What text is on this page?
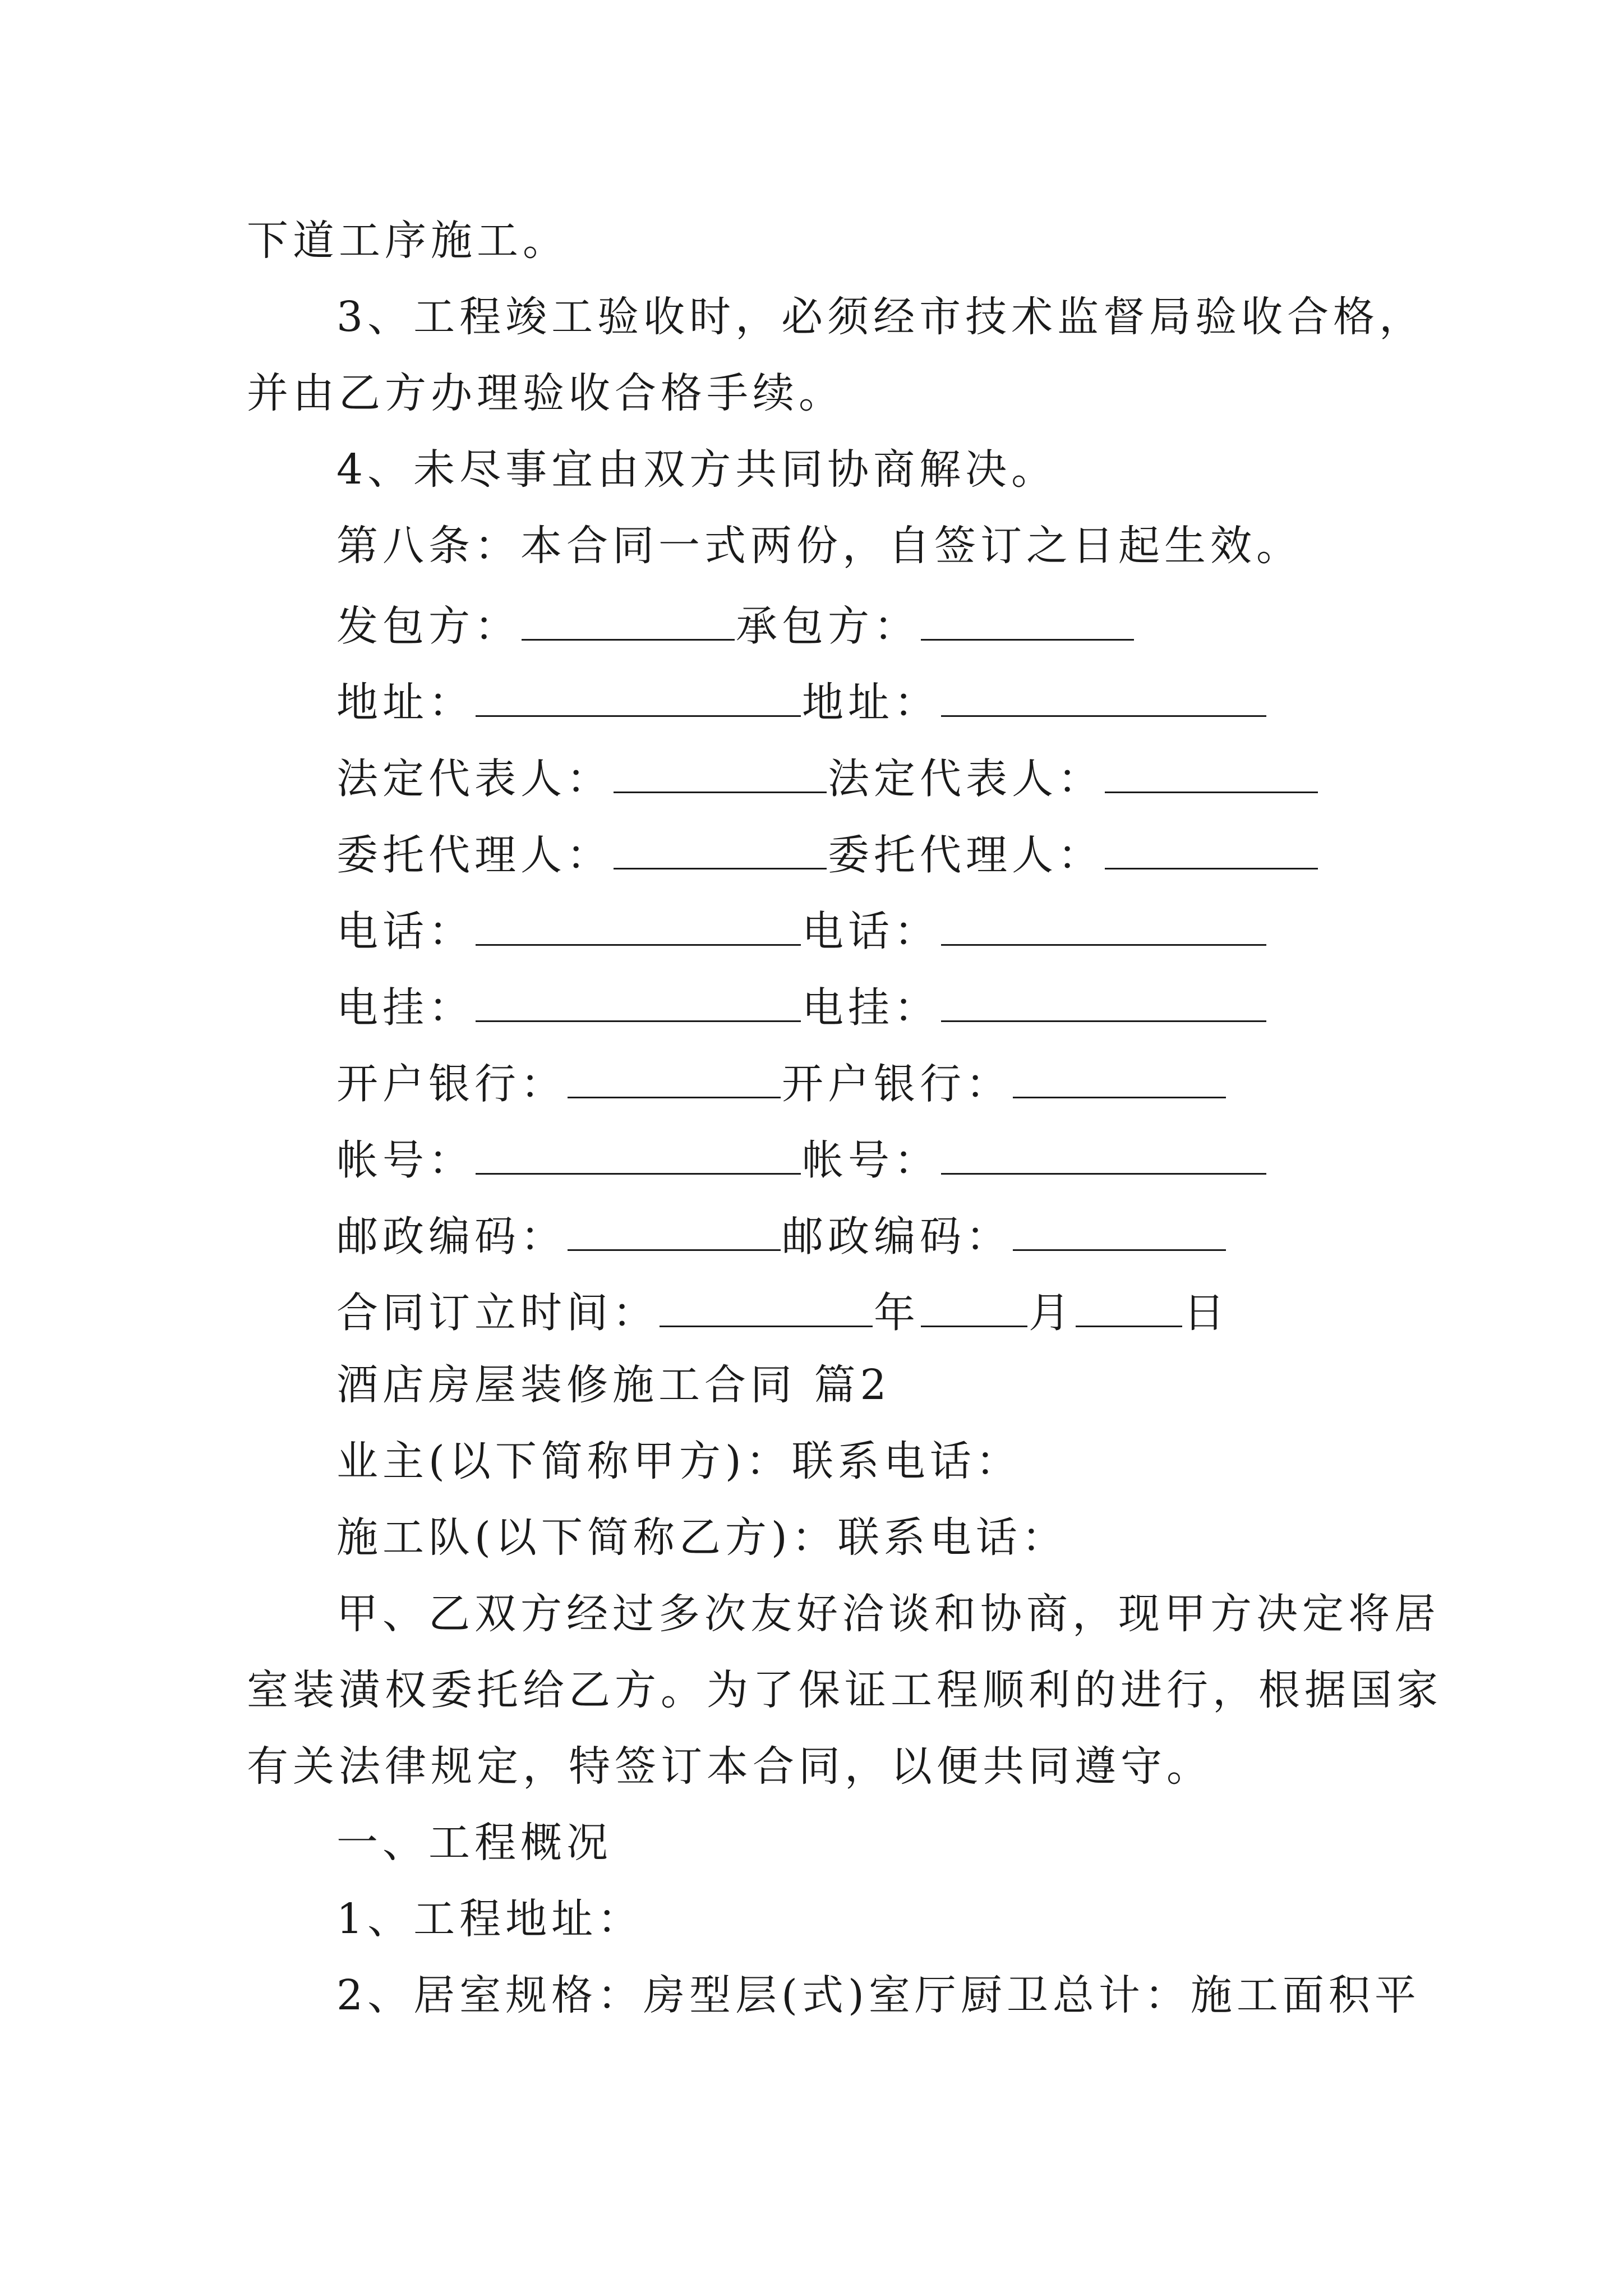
下道工序施工。
3、工程竣工验收时，必须经市技术监督局验收合格，
并由乙方办理验收合格手续。
4、未尽事宜由双方共同协商解决。
第八条：本合同一式两份，自签订之日起生效。
发包方：	承包方：
地址：	地址：
法定代表人：	法定代表人：
委托代理人：	委托代理人：
电话：	电话：
电挂：	电挂：
开户银行：	开户银行：
帐号：	帐号：
邮政编码：	邮政编码：
合同订立时间：	年	月	日
酒店房屋装修施工合同 篇2
业主(以下简称甲方)：联系电话：
施工队(以下简称乙方)：联系电话：
甲、乙双方经过多次友好洽谈和协商，现甲方决定将居
室装潢权委托给乙方。为了保证工程顺利的进行，根据国家
有关法律规定，特签订本合同，以便共同遵守。
一、工程概况
1、工程地址：
2、居室规格：房型层(式)室厅厨卫总计：施工面积平
